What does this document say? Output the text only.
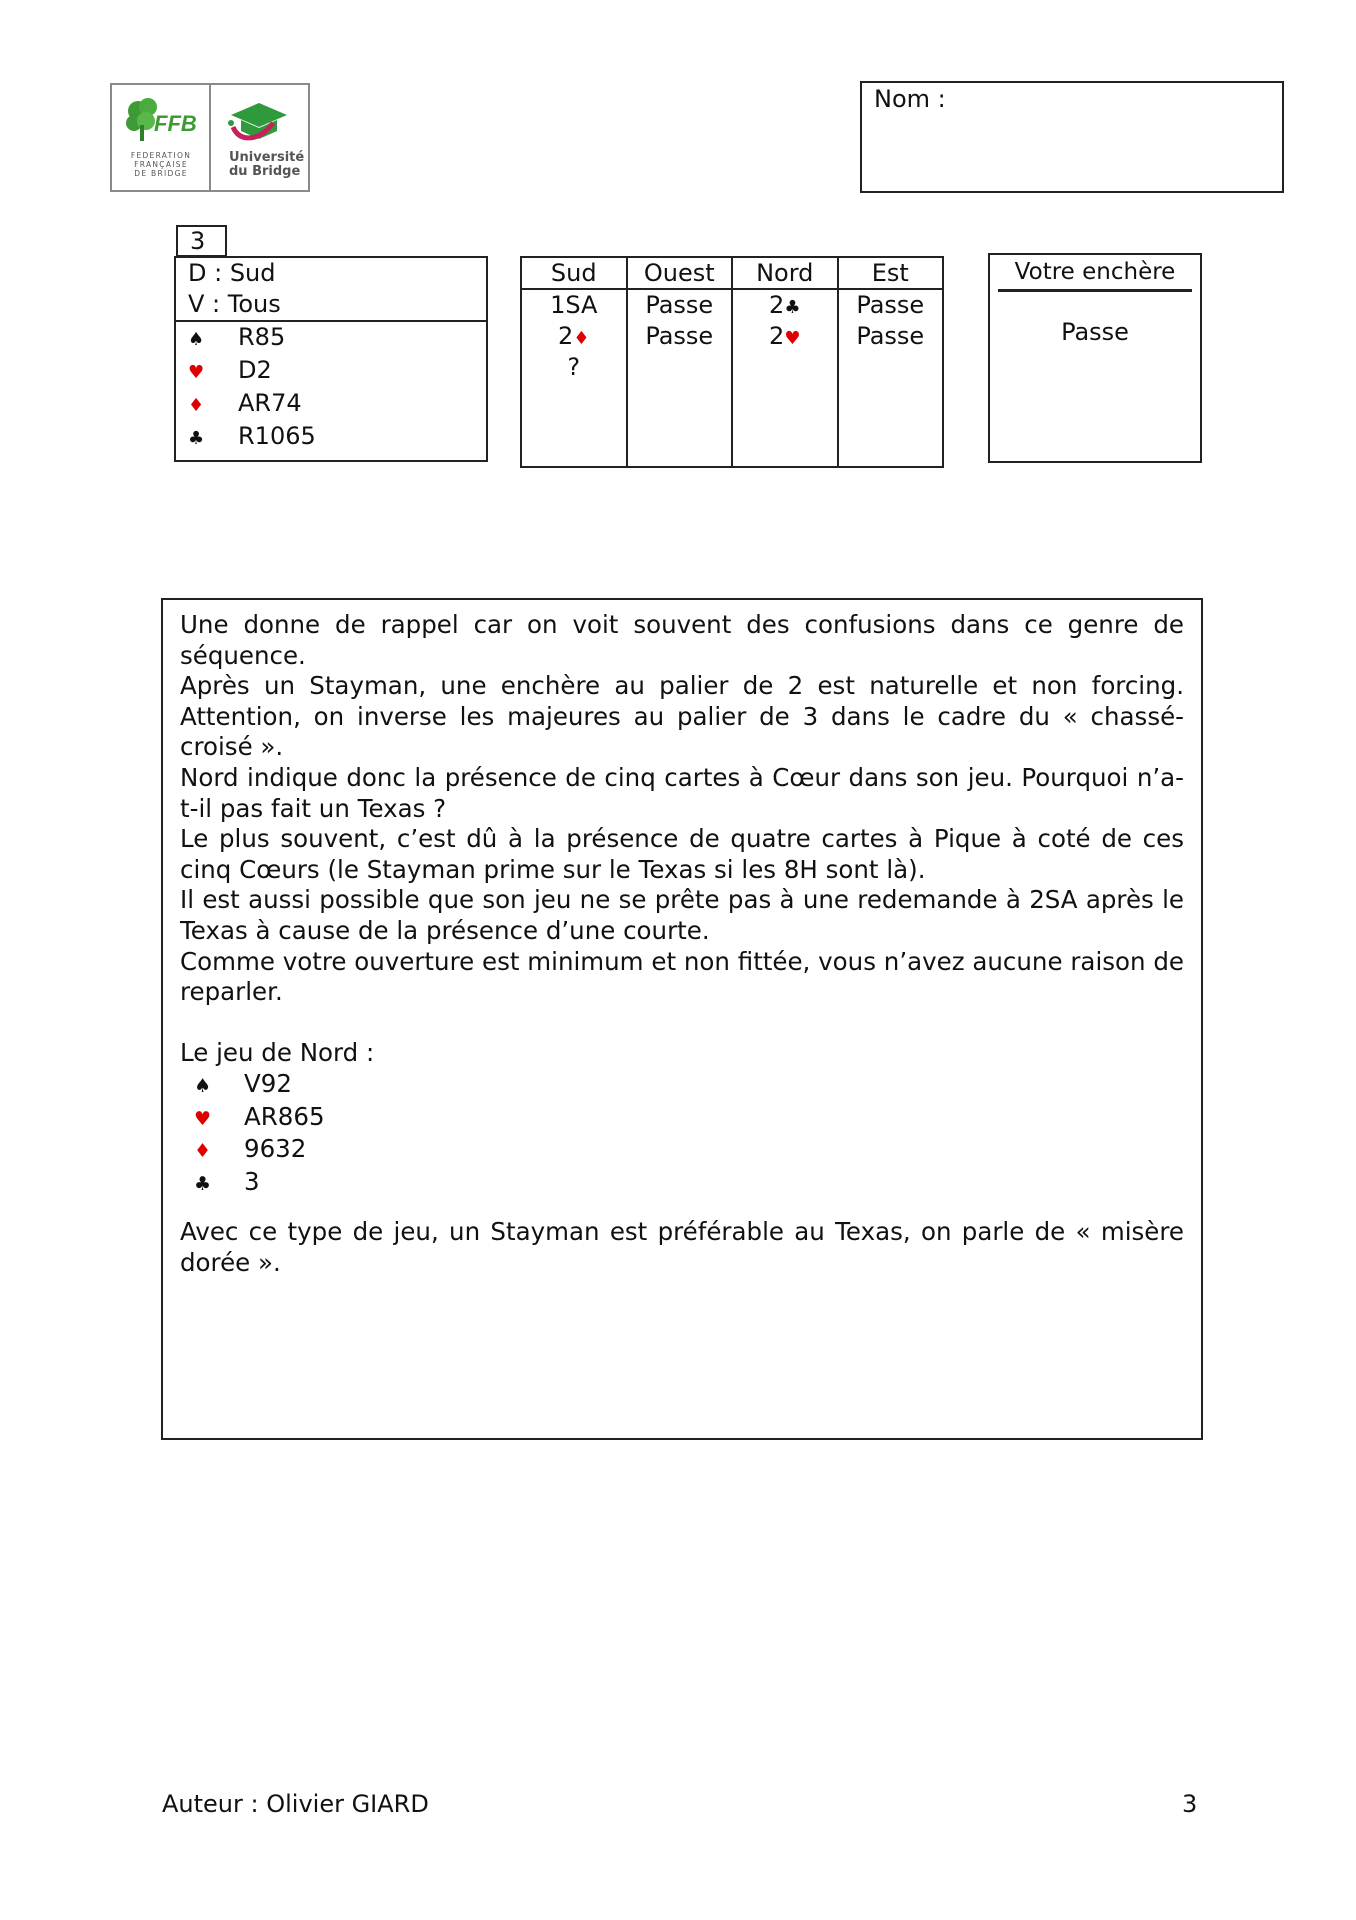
FFB
FEDERATION
FRANÇAISE
DE BRIDGE
Université
du Bridge
Nom :
3
D : Sud
V : Tous
♠ R85
♥ D2
♦ AR74
♣ R1065
Sud
1SA
2♦
?
Ouest
Passe
Passe
Nord
2♣
2♥
Est
Passe
Passe
Votre enchère
Passe

Une donne de rappel car on voit souvent des confusions dans ce genre de séquence.

Après un Stayman, une enchère au palier de 2 est naturelle et non forcing. Attention, on inverse les majeures au palier de 3 dans le cadre du « chassé-croisé ».

Nord indique donc la présence de cinq cartes à Cœur dans son jeu. Pourquoi n’a-t-il pas fait un Texas ?

Le plus souvent, c’est dû à la présence de quatre cartes à Pique à coté de ces cinq Cœurs (le Stayman prime sur le Texas si les 8H sont là).

Il est aussi possible que son jeu ne se prête pas à une redemande à 2SA après le Texas à cause de la présence d’une courte.

Comme votre ouverture est minimum et non fittée, vous n’avez aucune raison de reparler.

Le jeu de Nord :

♠ V92
♥ AR865
♦ 9632
♣ 3

Avec ce type de jeu, un Stayman est préférable au Texas, on parle de « misère dorée ».

Auteur : Olivier GIARD	3
